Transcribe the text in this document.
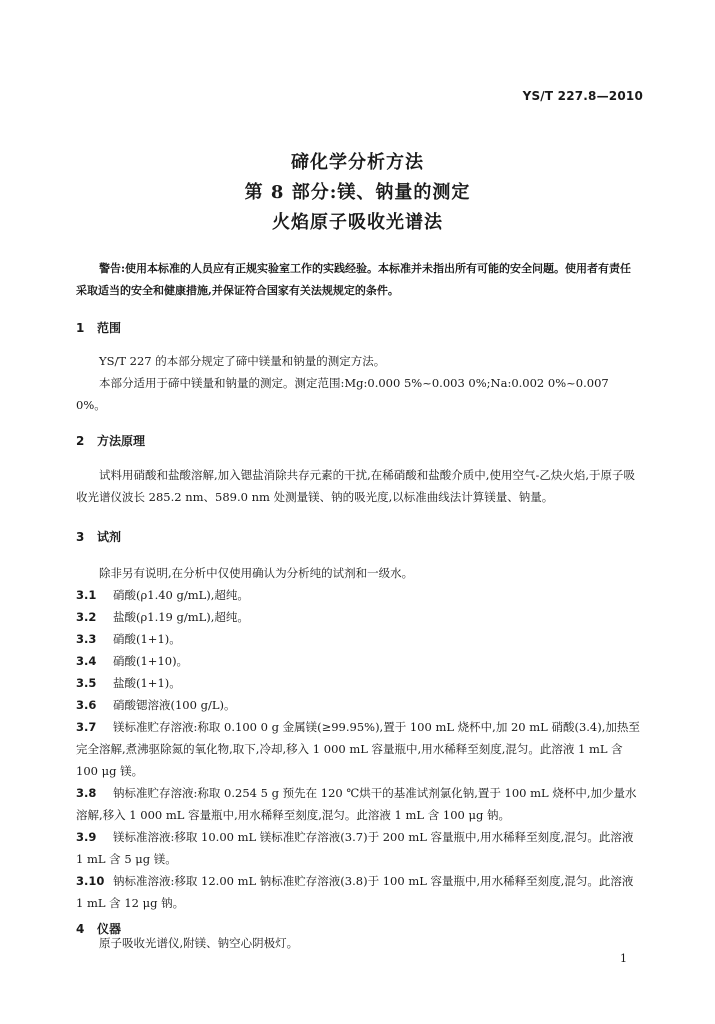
YS/T 227.8—2010
碲化学分析方法
第 8 部分:镁、钠量的测定
火焰原子吸收光谱法
警告:使用本标准的人员应有正规实验室工作的实践经验。本标准并未指出所有可能的安全问题。使用者有责任采取适当的安全和健康措施,并保证符合国家有关法规规定的条件。
1 范围
YS/T 227 的本部分规定了碲中镁量和钠量的测定方法。
本部分适用于碲中镁量和钠量的测定。测定范围:Mg:0.000 5%~0.003 0%;Na:0.002 0%~0.007 0%。
2 方法原理
试料用硝酸和盐酸溶解,加入锶盐消除共存元素的干扰,在稀硝酸和盐酸介质中,使用空气-乙炔火焰,于原子吸收光谱仪波长 285.2 nm、589.0 nm 处测量镁、钠的吸光度,以标准曲线法计算镁量、钠量。
3 试剂
除非另有说明,在分析中仅使用确认为分析纯的试剂和一级水。
3.1 硝酸(ρ1.40 g/mL),超纯。
3.2 盐酸(ρ1.19 g/mL),超纯。
3.3 硝酸(1+1)。
3.4 硝酸(1+10)。
3.5 盐酸(1+1)。
3.6 硝酸锶溶液(100 g/L)。
3.7 镁标准贮存溶液:称取 0.100 0 g 金属镁(≥99.95%),置于 100 mL 烧杯中,加 20 mL 硝酸(3.4),加热至完全溶解,煮沸驱除氮的氧化物,取下,冷却,移入 1 000 mL 容量瓶中,用水稀释至刻度,混匀。此溶液 1 mL 含 100 μg 镁。
3.8 钠标准贮存溶液:称取 0.254 5 g 预先在 120 ℃烘干的基准试剂氯化钠,置于 100 mL 烧杯中,加少量水溶解,移入 1 000 mL 容量瓶中,用水稀释至刻度,混匀。此溶液 1 mL 含 100 μg 钠。
3.9 镁标准溶液:移取 10.00 mL 镁标准贮存溶液(3.7)于 200 mL 容量瓶中,用水稀释至刻度,混匀。此溶液 1 mL 含 5 μg 镁。
3.10 钠标准溶液:移取 12.00 mL 钠标准贮存溶液(3.8)于 100 mL 容量瓶中,用水稀释至刻度,混匀。此溶液 1 mL 含 12 μg 钠。
4 仪器
原子吸收光谱仪,附镁、钠空心阴极灯。
1
